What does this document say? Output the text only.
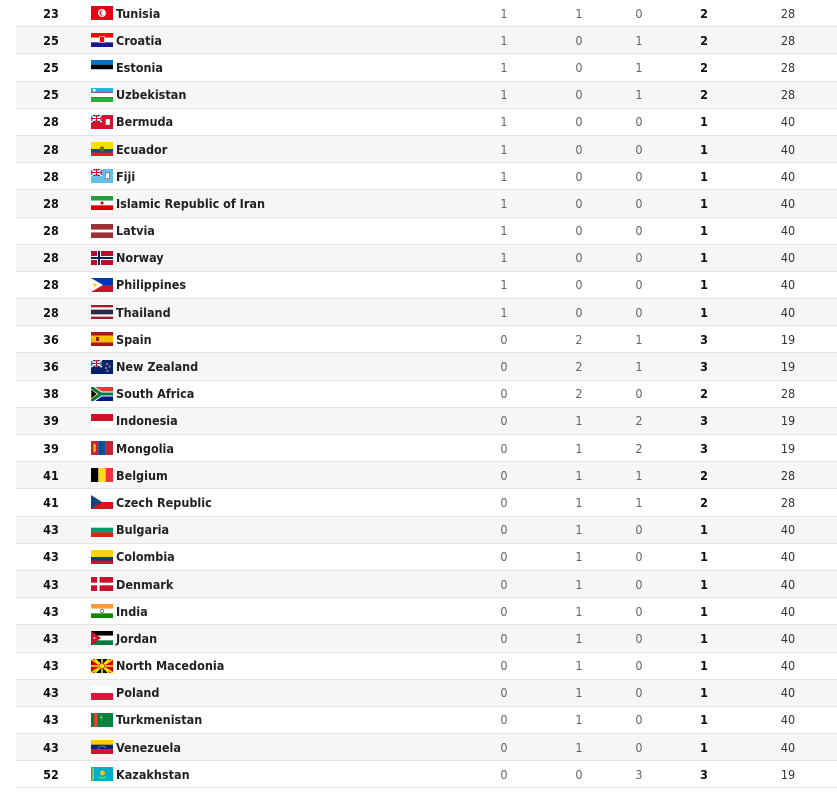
23	Tunisia	1	1	0	2	28
25	Croatia	1	0	1	2	28
25	Estonia	1	0	1	2	28
25	Uzbekistan	1	0	1	2	28
28	Bermuda	1	0	0	1	40
28	Ecuador	1	0	0	1	40
28	Fiji	1	0	0	1	40
28	Islamic Republic of Iran	1	0	0	1	40
28	Latvia	1	0	0	1	40
28	Norway	1	0	0	1	40
28	Philippines	1	0	0	1	40
28	Thailand	1	0	0	1	40
36	Spain	0	2	1	3	19
36	New Zealand	0	2	1	3	19
38	South Africa	0	2	0	2	28
39	Indonesia	0	1	2	3	19
39	Mongolia	0	1	2	3	19
41	Belgium	0	1	1	2	28
41	Czech Republic	0	1	1	2	28
43	Bulgaria	0	1	0	1	40
43	Colombia	0	1	0	1	40
43	Denmark	0	1	0	1	40
43	India	0	1	0	1	40
43	Jordan	0	1	0	1	40
43	North Macedonia	0	1	0	1	40
43	Poland	0	1	0	1	40
43	Turkmenistan	0	1	0	1	40
43	Venezuela	0	1	0	1	40
52	Kazakhstan	0	0	3	3	19
